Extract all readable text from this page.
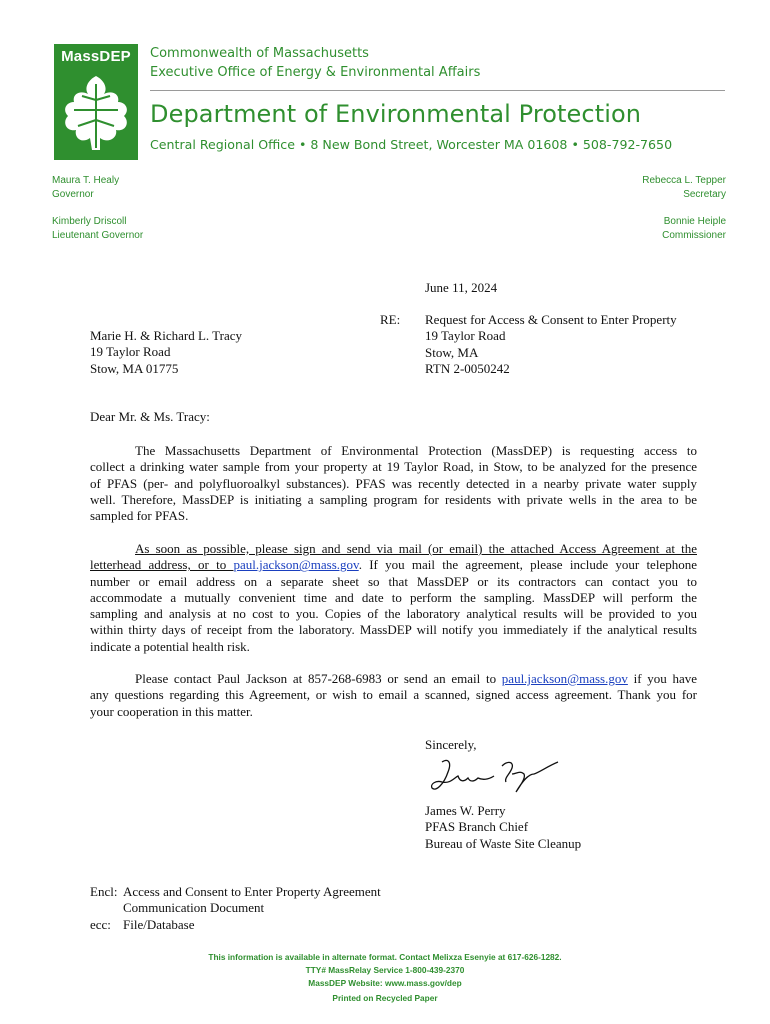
MassDEP	Commonwealth of Massachusetts
Executive Office of Energy & Environmental Affairs
Department of Environmental Protection
Central Regional Office • 8 New Bond Street, Worcester MA 01608 • 508-792-7650
Maura T. Healy
Governor
Kimberly Driscoll
Lieutenant Governor
Rebecca L. Tepper
Secretary
Bonnie Heiple
Commissioner
June 11, 2024
Marie H. & Richard L. Tracy
19 Taylor Road
Stow, MA 01775
RE: Request for Access & Consent to Enter Property
19 Taylor Road
Stow, MA
RTN 2-0050242
Dear Mr. & Ms. Tracy:
The Massachusetts Department of Environmental Protection (MassDEP) is requesting access to
collect a drinking water sample from your property at 19 Taylor Road, in Stow, to be analyzed for the presence
of PFAS (per- and polyfluoroalkyl substances). PFAS was recently detected in a nearby private water supply
well. Therefore, MassDEP is initiating a sampling program for residents with private wells in the area to be
sampled for PFAS.
As soon as possible, please sign and send via mail (or email) the attached Access Agreement at the
letterhead address, or to paul.jackson@mass.gov. If you mail the agreement, please include your telephone
number or email address on a separate sheet so that MassDEP or its contractors can contact you to
accommodate a mutually convenient time and date to perform the sampling. MassDEP will perform the
sampling and analysis at no cost to you. Copies of the laboratory analytical results will be provided to you
within thirty days of receipt from the laboratory. MassDEP will notify you immediately if the analytical results
indicate a potential health risk.
Please contact Paul Jackson at 857-268-6983 or send an email to paul.jackson@mass.gov if you have
any questions regarding this Agreement, or wish to email a scanned, signed access agreement. Thank you for
your cooperation in this matter.
Sincerely,
James W. Perry
PFAS Branch Chief
Bureau of Waste Site Cleanup
Encl: Access and Consent to Enter Property Agreement
Communication Document
ecc: File/Database
This information is available in alternate format. Contact Melixza Esenyie at 617-626-1282.
TTY# MassRelay Service 1-800-439-2370
MassDEP Website: www.mass.gov/dep
Printed on Recycled Paper
